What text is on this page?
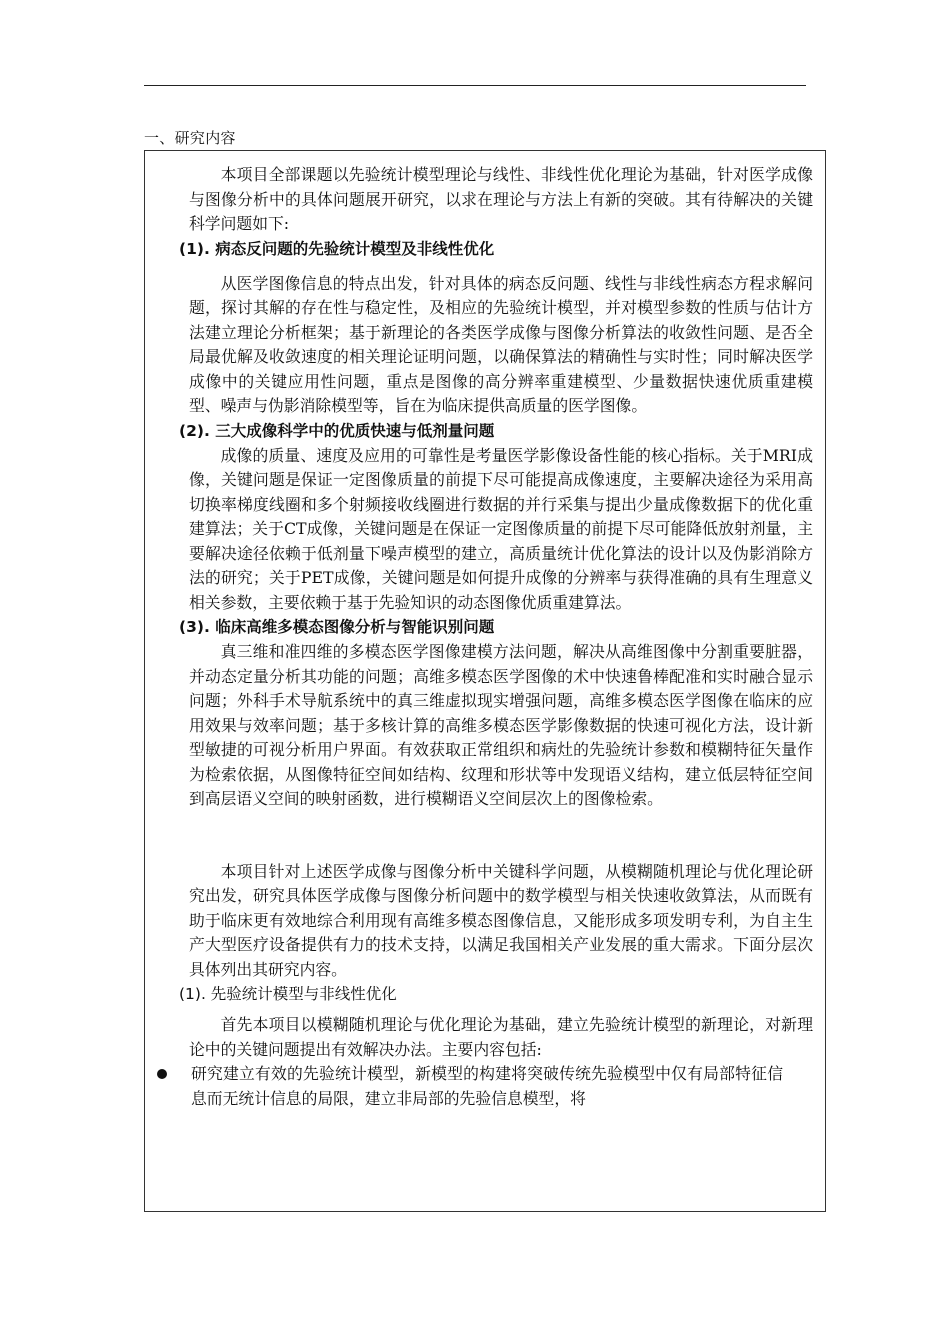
一、研究内容

本项目全部课题以先验统计模型理论与线性、非线性优化理论为基础，针对医学成像与图像分析中的具体问题展开研究，以求在理论与方法上有新的突破。其有待解决的关键科学问题如下:

(1). 病态反问题的先验统计模型及非线性优化

从医学图像信息的特点出发，针对具体的病态反问题、线性与非线性病态方程求解问题，探讨其解的存在性与稳定性，及相应的先验统计模型，并对模型参数的性质与估计方法建立理论分析框架；基于新理论的各类医学成像与图像分析算法的收敛性问题、是否全局最优解及收敛速度的相关理论证明问题，以确保算法的精确性与实时性；同时解决医学成像中的关键应用性问题，重点是图像的高分辨率重建模型、少量数据快速优质重建模型、噪声与伪影消除模型等，旨在为临床提供高质量的医学图像。

(2). 三大成像科学中的优质快速与低剂量问题

成像的质量、速度及应用的可靠性是考量医学影像设备性能的核心指标。关于MRI成像，关键问题是保证一定图像质量的前提下尽可能提高成像速度，主要解决途径为采用高切换率梯度线圈和多个射频接收线圈进行数据的并行采集与提出少量成像数据下的优化重建算法；关于CT成像，关键问题是在保证一定图像质量的前提下尽可能降低放射剂量，主要解决途径依赖于低剂量下噪声模型的建立，高质量统计优化算法的设计以及伪影消除方法的研究；关于PET成像，关键问题是如何提升成像的分辨率与获得准确的具有生理意义相关参数，主要依赖于基于先验知识的动态图像优质重建算法。

(3). 临床高维多模态图像分析与智能识别问题

真三维和准四维的多模态医学图像建模方法问题，解决从高维图像中分割重要脏器，并动态定量分析其功能的问题；高维多模态医学图像的术中快速鲁棒配准和实时融合显示问题；外科手术导航系统中的真三维虚拟现实增强问题，高维多模态医学图像在临床的应用效果与效率问题；基于多核计算的高维多模态医学影像数据的快速可视化方法，设计新型敏捷的可视分析用户界面。有效获取正常组织和病灶的先验统计参数和模糊特征矢量作为检索依据，从图像特征空间如结构、纹理和形状等中发现语义结构，建立低层特征空间到高层语义空间的映射函数，进行模糊语义空间层次上的图像检索。

本项目针对上述医学成像与图像分析中关键科学问题，从模糊随机理论与优化理论研究出发，研究具体医学成像与图像分析问题中的数学模型与相关快速收敛算法，从而既有助于临床更有效地综合利用现有高维多模态图像信息，又能形成多项发明专利，为自主生产大型医疗设备提供有力的技术支持，以满足我国相关产业发展的重大需求。下面分层次具体列出其研究内容。

(1). 先验统计模型与非线性优化

首先本项目以模糊随机理论与优化理论为基础，建立先验统计模型的新理论，对新理论中的关键问题提出有效解决办法。主要内容包括:

研究建立有效的先验统计模型，新模型的构建将突破传统先验模型中仅有局部特征信息而无统计信息的局限，建立非局部的先验信息模型，将
